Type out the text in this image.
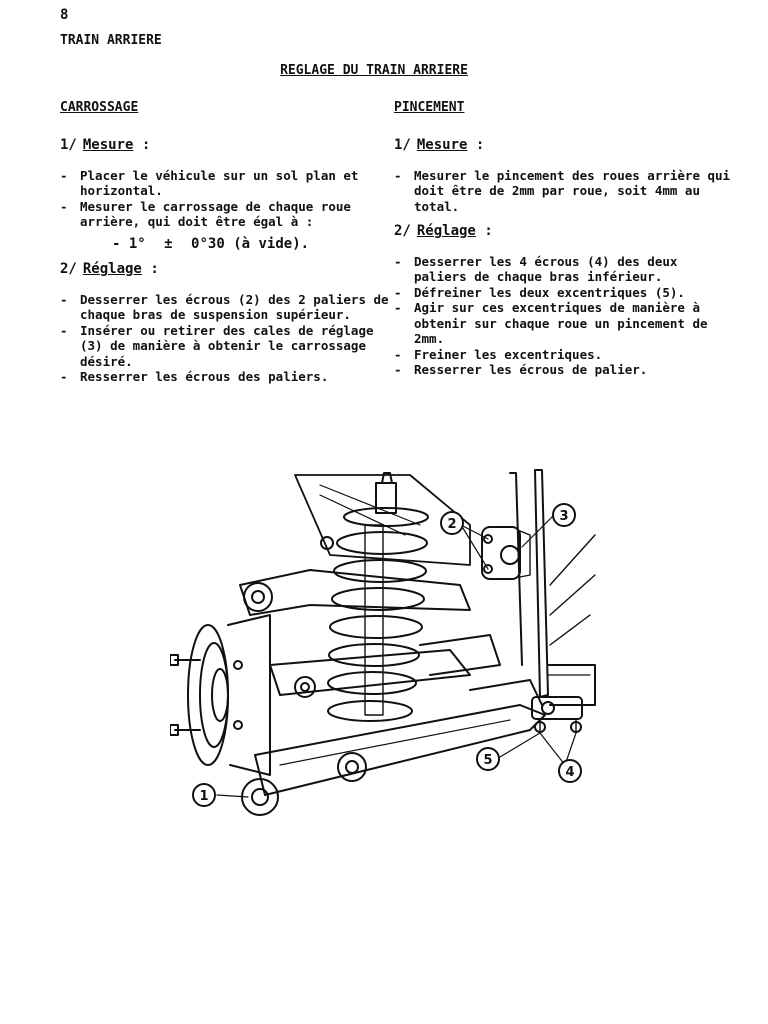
8
TRAIN ARRIERE
REGLAGE DU TRAIN ARRIERE
CARROSSAGE
1/ Mesure :
- Placer le véhicule sur un sol plan et horizontal.
- Mesurer le carrossage de chaque roue arrière, qui doit être égal à :
- 1° ± 0°30 (à vide).
2/ Réglage :
- Desserrer les écrous (2) des 2 paliers de chaque bras de suspension supérieur.
- Insérer ou retirer des cales de réglage (3) de manière à obtenir le carrossage désiré.
- Resserrer les écrous des paliers.
PINCEMENT
1/ Mesure :
- Mesurer le pincement des roues arrière qui doit être de 2mm par roue, soit 4mm au total.
2/ Réglage :
- Desserrer les 4 écrous (4) des deux paliers de chaque bras inférieur.
- Défreiner les deux excentriques (5).
- Agir sur ces excentriques de manière à obtenir sur chaque roue un pincement de 2mm.
- Freiner les excentriques.
- Resserrer les écrous de palier.
1
2
3
4
5
